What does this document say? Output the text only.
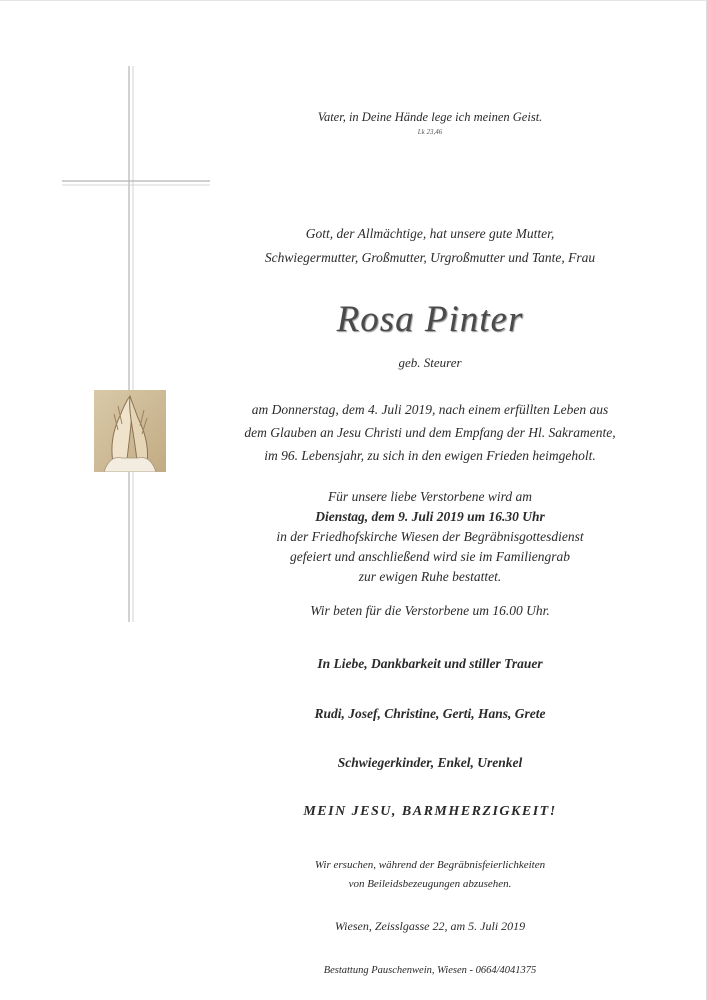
Vater, in Deine Hände lege ich meinen Geist.
Lk 23,46
Gott, der Allmächtige, hat unsere gute Mutter,
Schwiegermutter, Großmutter, Urgroßmutter und Tante, Frau
Rosa Pinter
geb. Steurer
am Donnerstag, dem 4. Juli 2019, nach einem erfüllten Leben aus
dem Glauben an Jesu Christi und dem Empfang der Hl. Sakramente,
im 96. Lebensjahr, zu sich in den ewigen Frieden heimgeholt.
Für unsere liebe Verstorbene wird am
Dienstag, dem 9. Juli 2019 um 16.30 Uhr
in der Friedhofskirche Wiesen der Begräbnisgottesdienst
gefeiert und anschließend wird sie im Familiengrab
zur ewigen Ruhe bestattet.
Wir beten für die Verstorbene um 16.00 Uhr.
In Liebe, Dankbarkeit und stiller Trauer
Rudi, Josef, Christine, Gerti, Hans, Grete
Schwiegerkinder, Enkel, Urenkel
MEIN JESU, BARMHERZIGKEIT!
Wir ersuchen, während der Begräbnisfeierlichkeiten
von Beileidsbezeugungen abzusehen.
Wiesen, Zeisslgasse 22, am 5. Juli 2019
Bestattung Pauschenwein, Wiesen - 0664/4041375
